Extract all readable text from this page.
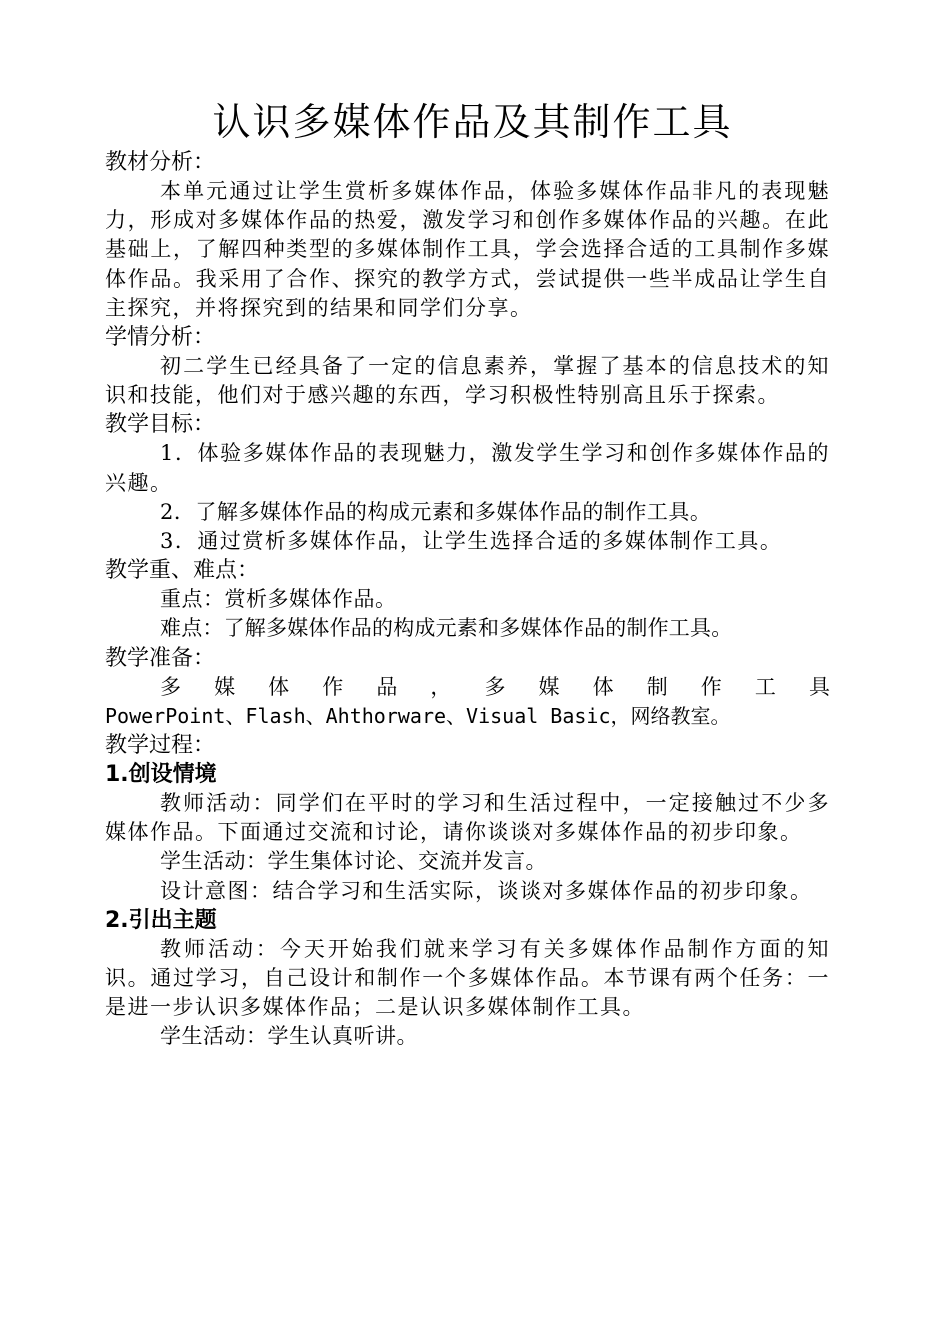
认识多媒体作品及其制作工具
教材分析：

本单元通过让学生赏析多媒体作品，体验多媒体作品非凡的表现魅力，形成对多媒体作品的热爱，激发学习和创作多媒体作品的兴趣。在此基础上，了解四种类型的多媒体制作工具，学会选择合适的工具制作多媒体作品。我采用了合作、探究的教学方式，尝试提供一些半成品让学生自主探究，并将探究到的结果和同学们分享。

学情分析：

初二学生已经具备了一定的信息素养，掌握了基本的信息技术的知识和技能，他们对于感兴趣的东西，学习积极性特别高且乐于探索。

教学目标：

1．体验多媒体作品的表现魅力，激发学生学习和创作多媒体作品的兴趣。

2．了解多媒体作品的构成元素和多媒体作品的制作工具。

3．通过赏析多媒体作品，让学生选择合适的多媒体制作工具。

教学重、难点：

重点：赏析多媒体作品。

难点：了解多媒体作品的构成元素和多媒体作品的制作工具。

教学准备：
多 媒 体 作 品 ， 多 媒 体 制 作 工 具
PowerPoint、Flash、Ahthorware、Visual Basic，网络教室。
教学过程：
1.创设情境

教师活动：同学们在平时的学习和生活过程中，一定接触过不少多媒体作品。下面通过交流和讨论，请你谈谈对多媒体作品的初步印象。

学生活动：学生集体讨论、交流并发言。

设计意图：结合学习和生活实际，谈谈对多媒体作品的初步印象。

2.引出主题

教师活动：今天开始我们就来学习有关多媒体作品制作方面的知识。通过学习，自己设计和制作一个多媒体作品。本节课有两个任务：一是进一步认识多媒体作品；二是认识多媒体制作工具。

学生活动：学生认真听讲。
